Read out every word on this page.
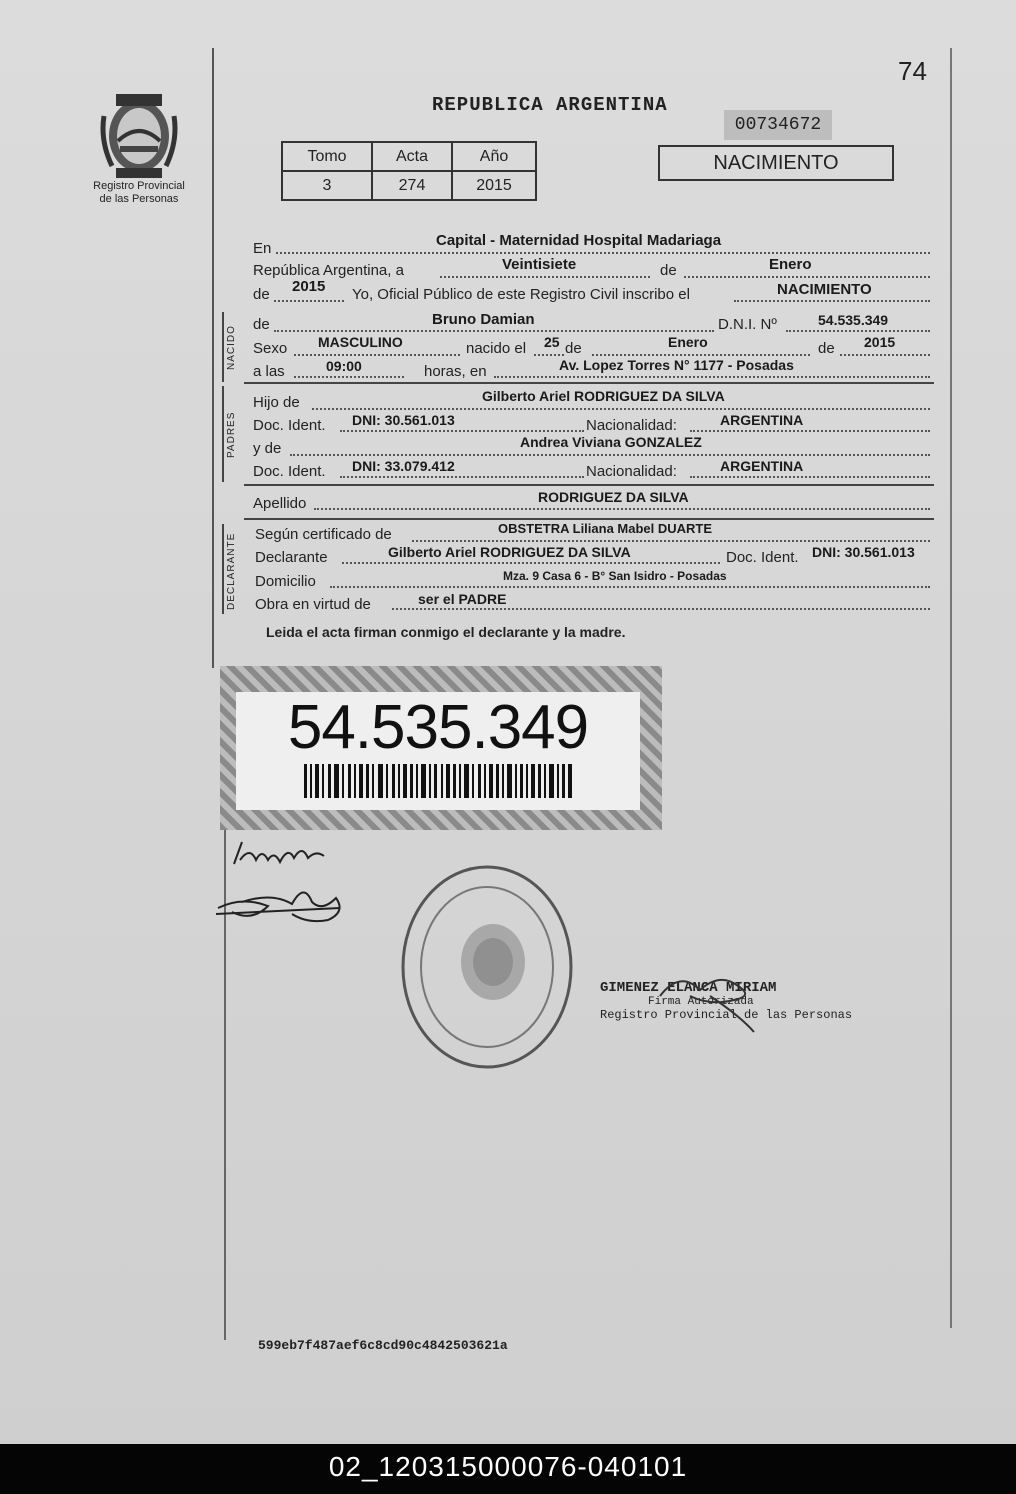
74
Registro Provincial
de las Personas
REPUBLICA ARGENTINA
00734672
Tomo	Acta	Año
3	274	2015
NACIMIENTO
En	Capital - Maternidad Hospital Madariaga
República Argentina, a	Veintisiete	de	Enero
de 2015 Yo, Oficial Público de este Registro Civil inscribo el	NACIMIENTO
NACIDO
de	Bruno Damian	D.N.I. Nº	54.535.349
Sexo MASCULINO	nacido el 25 de	Enero	de 2015
a las	09:00	horas, en	Av. Lopez Torres N° 1177 - Posadas
PADRES
Hijo de	Gilberto Ariel RODRIGUEZ DA SILVA
Doc. Ident. DNI: 30.561.013	Nacionalidad:	ARGENTINA
y de	Andrea Viviana GONZALEZ
Doc. Ident. DNI: 33.079.412	Nacionalidad:	ARGENTINA
Apellido	RODRIGUEZ DA SILVA
DECLARANTE Según certificado de	OBSTETRA Liliana Mabel DUARTE
Declarante	Gilberto Ariel RODRIGUEZ DA SILVA	Doc. Ident. DNI: 30.561.013
Domicilio	Mza. 9 Casa 6 - B° San Isidro - Posadas
Obra en virtud de	ser el PADRE
Leida el acta firman conmigo el declarante y la madre.
54.535.349
GIMENEZ ELANCA MIRIAM
Firma Autorizada
Registro Provincial de las Personas
599eb7f487aef6c8cd90c4842503621a
02_120315000076-040101
